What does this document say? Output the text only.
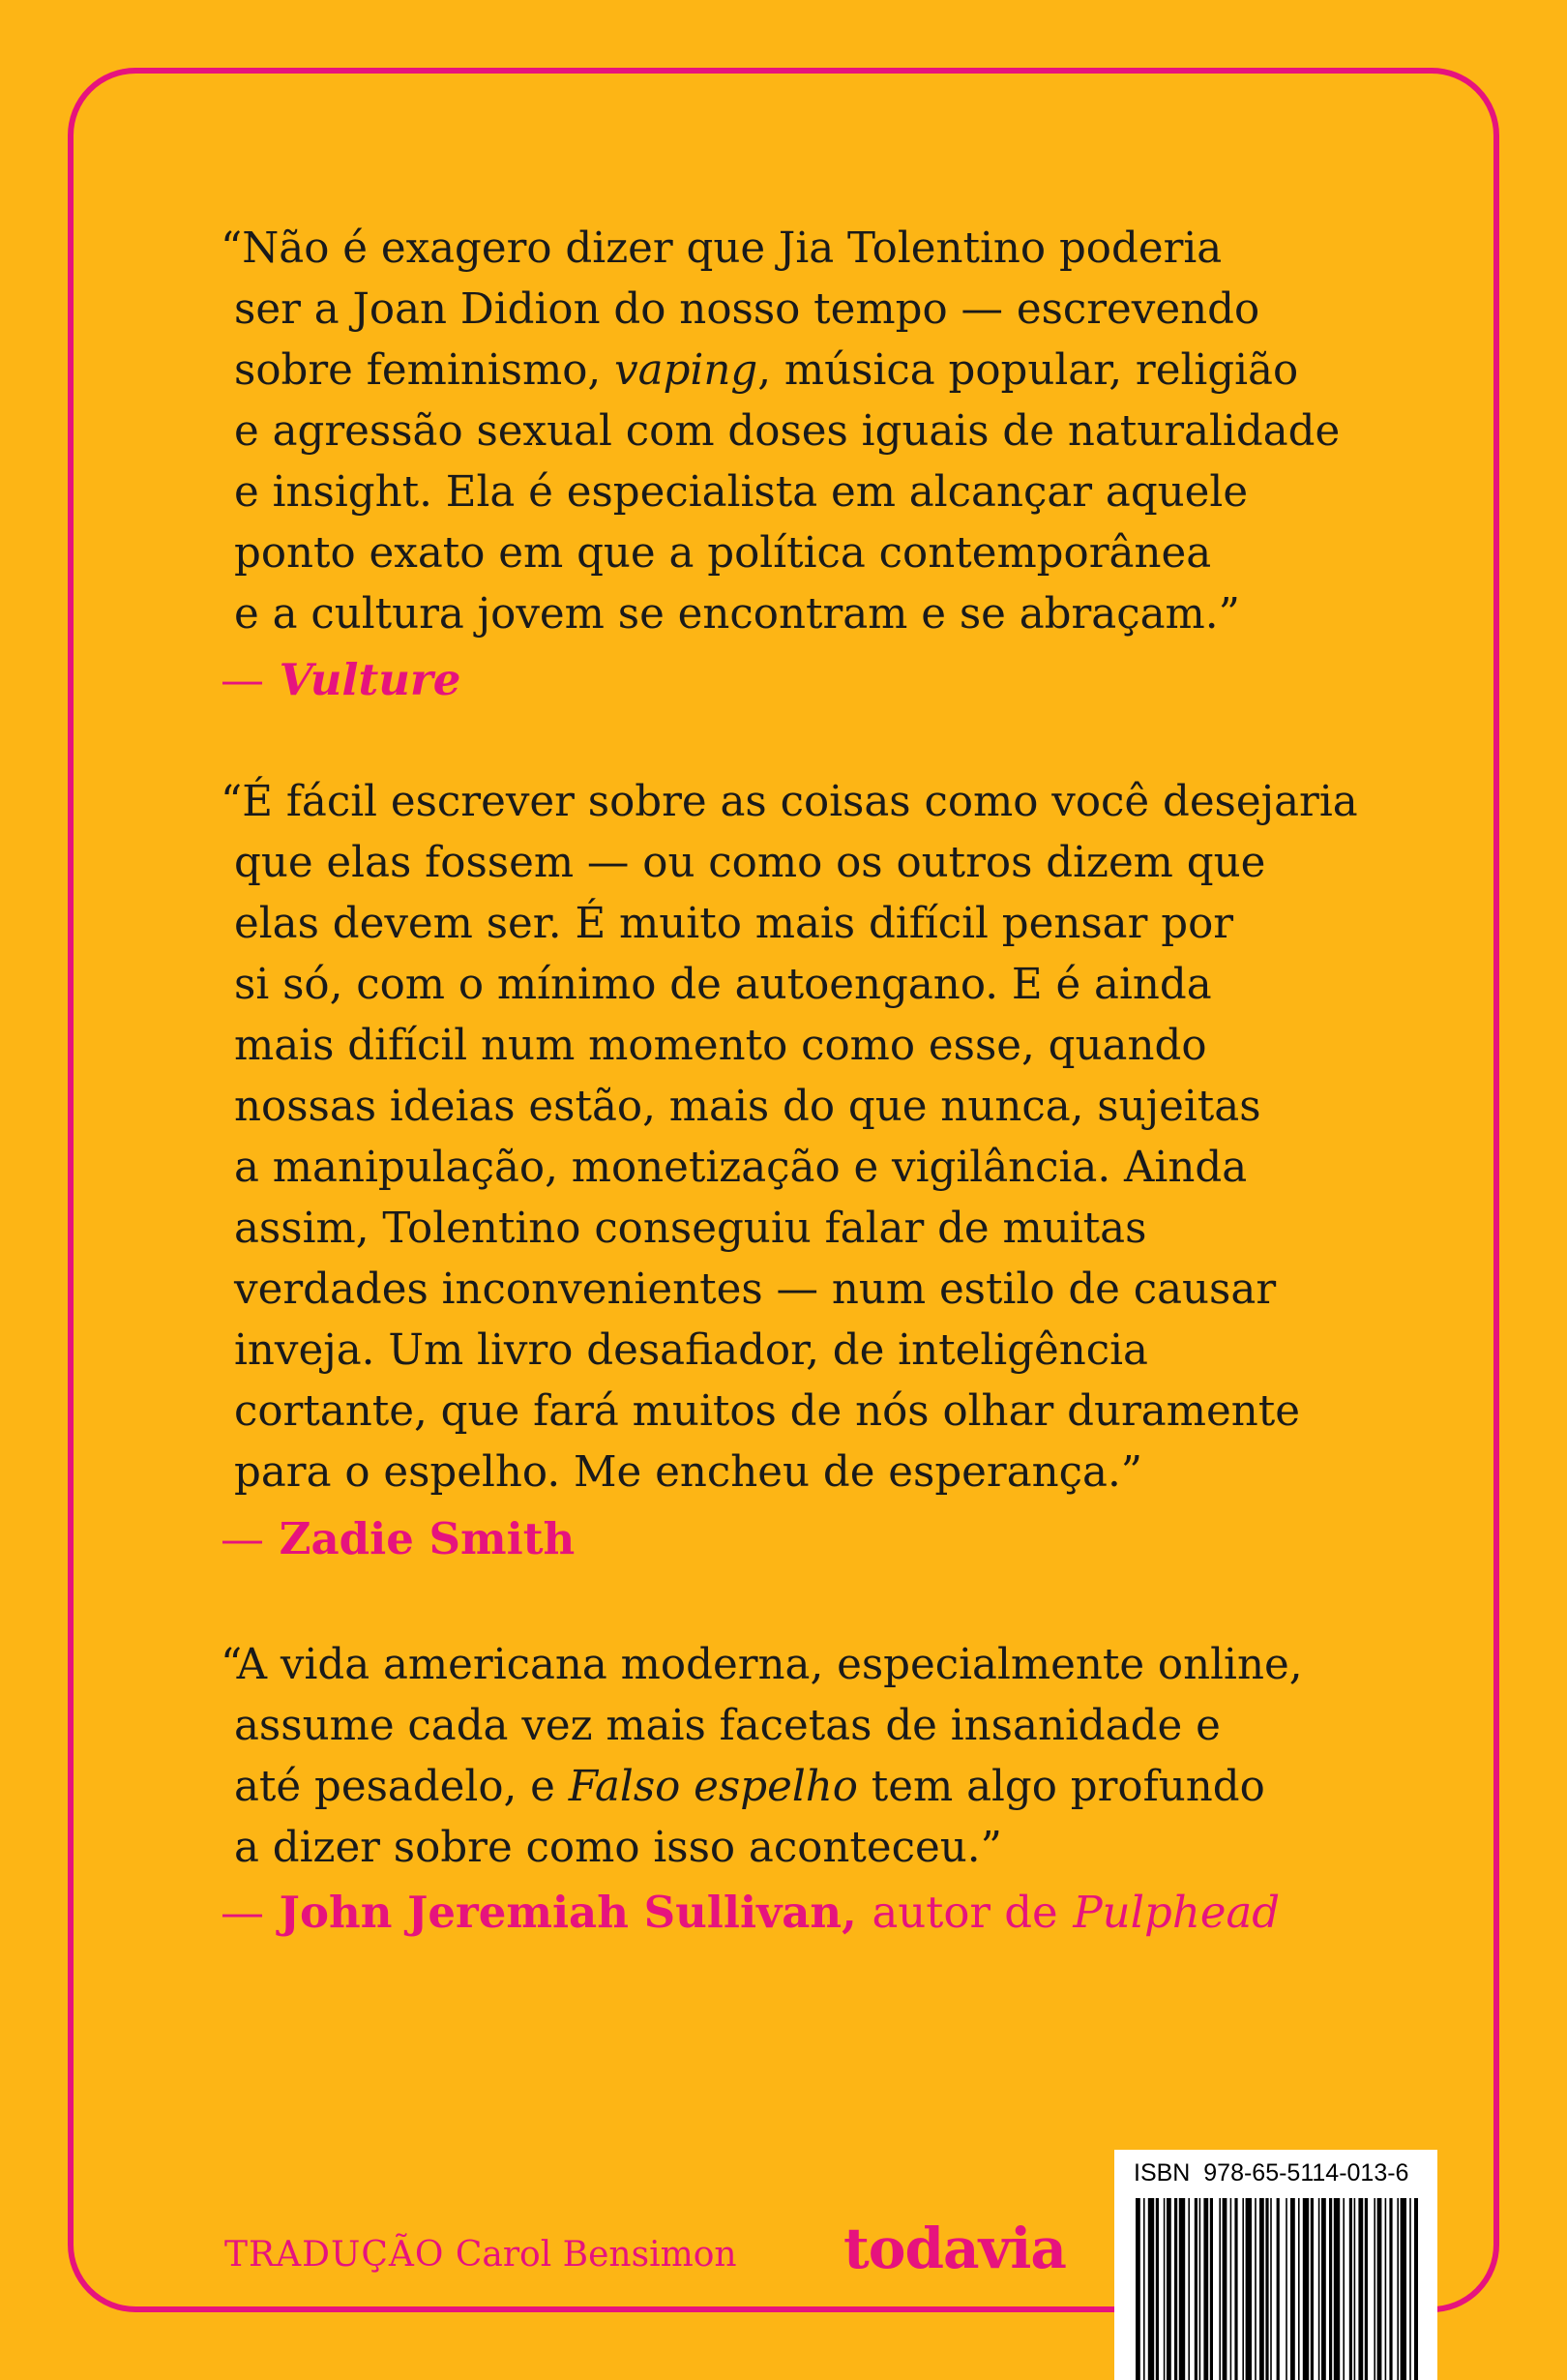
“Não é exagero dizer que Jia Tolentino poderia
ser a Joan Didion do nosso tempo — escrevendo
sobre feminismo, vaping, música popular, religião
e agressão sexual com doses iguais de naturalidade
e insight. Ela é especialista em alcançar aquele
ponto exato em que a política contemporânea
e a cultura jovem se encontram e se abraçam.”
— Vulture
“É fácil escrever sobre as coisas como você desejaria
que elas fossem — ou como os outros dizem que
elas devem ser. É muito mais difícil pensar por
si só, com o mínimo de autoengano. E é ainda
mais difícil num momento como esse, quando
nossas ideias estão, mais do que nunca, sujeitas
a manipulação, monetização e vigilância. Ainda
assim, Tolentino conseguiu falar de muitas
verdades inconvenientes — num estilo de causar
inveja. Um livro desafiador, de inteligência
cortante, que fará muitos de nós olhar duramente
para o espelho. Me encheu de esperança.”
— Zadie Smith
“A vida americana moderna, especialmente online,
assume cada vez mais facetas de insanidade e
até pesadelo, e Falso espelho tem algo profundo
a dizer sobre como isso aconteceu.”
— John Jeremiah Sullivan, autor de Pulphead
TRADUÇÃO Carol Bensimon todavia
ISBN 978-65-5114-013-6
